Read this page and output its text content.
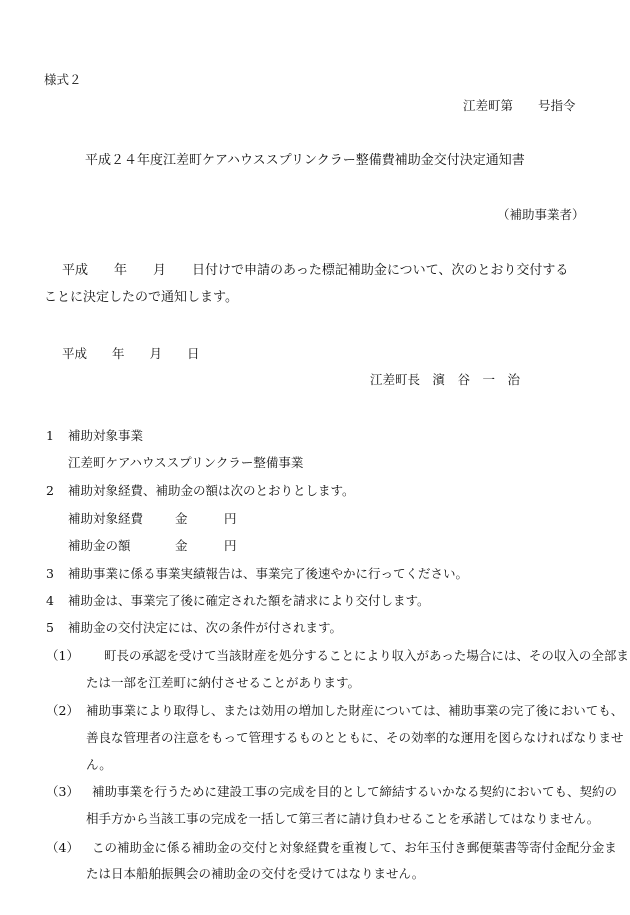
様式２
江差町第　　号指令
平成２４年度江差町ケアハウススプリンクラー整備費補助金交付決定通知書
（補助事業者）
平成　　年　　月　　日付けで申請のあった標記補助金について、次のとおり交付する
ことに決定したので通知します。
平成　　年　　月　　日
江差町長　濱　谷　一　治
1 補助対象事業
江差町ケアハウススプリンクラー整備事業
2 補助対象経費、補助金の額は次のとおりとします。
補助対象経費	金	円
補助金の額	金	円
3 補助事業に係る事業実績報告は、事業完了後速やかに行ってください。
4 補助金は、事業完了後に確定された額を請求により交付します。
5 補助金の交付決定には、次の条件が付されます。
（1） 町長の承認を受けて当該財産を処分することにより収入があった場合には、その収入の全部ま
たは一部を江差町に納付させることがあります。
（2） 補助事業により取得し、または効用の増加した財産については、補助事業の完了後においても、
善良な管理者の注意をもって管理するものとともに、その効率的な運用を図らなければなりませ
ん。
（3） 補助事業を行うために建設工事の完成を目的として締結するいかなる契約においても、契約の
相手方から当該工事の完成を一括して第三者に請け負わせることを承諾してはなりません。
（4） この補助金に係る補助金の交付と対象経費を重複して、お年玉付き郵便葉書等寄付金配分金ま
たは日本船舶振興会の補助金の交付を受けてはなりません。
